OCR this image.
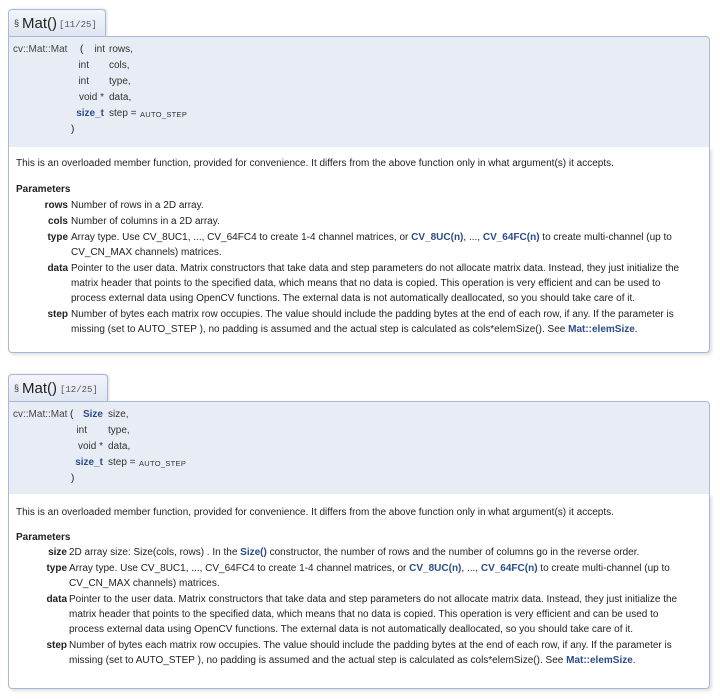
§ Mat() [11/25]
cv::Mat::Mat (	int rows,
int cols,
int type,
void * data,
size_t step = AUTO_STEP
)
This is an overloaded member function, provided for convenience. It differs from the above function only in what argument(s) it accepts.
Parameters
rows Number of rows in a 2D array.
cols Number of columns in a 2D array.
type Array type. Use CV_8UC1, ..., CV_64FC4 to create 1-4 channel matrices, or CV_8UC(n), ..., CV_64FC(n) to create multi-channel (up to
CV_CN_MAX channels) matrices.
data Pointer to the user data. Matrix constructors that take data and step parameters do not allocate matrix data. Instead, they just initialize the
matrix header that points to the specified data, which means that no data is copied. This operation is very efficient and can be used to
process external data using OpenCV functions. The external data is not automatically deallocated, so you should take care of it.
step Number of bytes each matrix row occupies. The value should include the padding bytes at the end of each row, if any. If the parameter is
missing (set to AUTO_STEP ), no padding is assumed and the actual step is calculated as cols*elemSize(). See Mat::elemSize.
§ Mat() [12/25]
cv::Mat::Mat ( Size size,
int type,
void * data,
size_t step = AUTO_STEP
)
This is an overloaded member function, provided for convenience. It differs from the above function only in what argument(s) it accepts.
Parameters
size 2D array size: Size(cols, rows) . In the Size() constructor, the number of rows and the number of columns go in the reverse order.
type Array type. Use CV_8UC1, ..., CV_64FC4 to create 1-4 channel matrices, or CV_8UC(n), ..., CV_64FC(n) to create multi-channel (up to
CV_CN_MAX channels) matrices.
data Pointer to the user data. Matrix constructors that take data and step parameters do not allocate matrix data. Instead, they just initialize the
matrix header that points to the specified data, which means that no data is copied. This operation is very efficient and can be used to
process external data using OpenCV functions. The external data is not automatically deallocated, so you should take care of it.
step Number of bytes each matrix row occupies. The value should include the padding bytes at the end of each row, if any. If the parameter is
missing (set to AUTO_STEP ), no padding is assumed and the actual step is calculated as cols*elemSize(). See Mat::elemSize.
